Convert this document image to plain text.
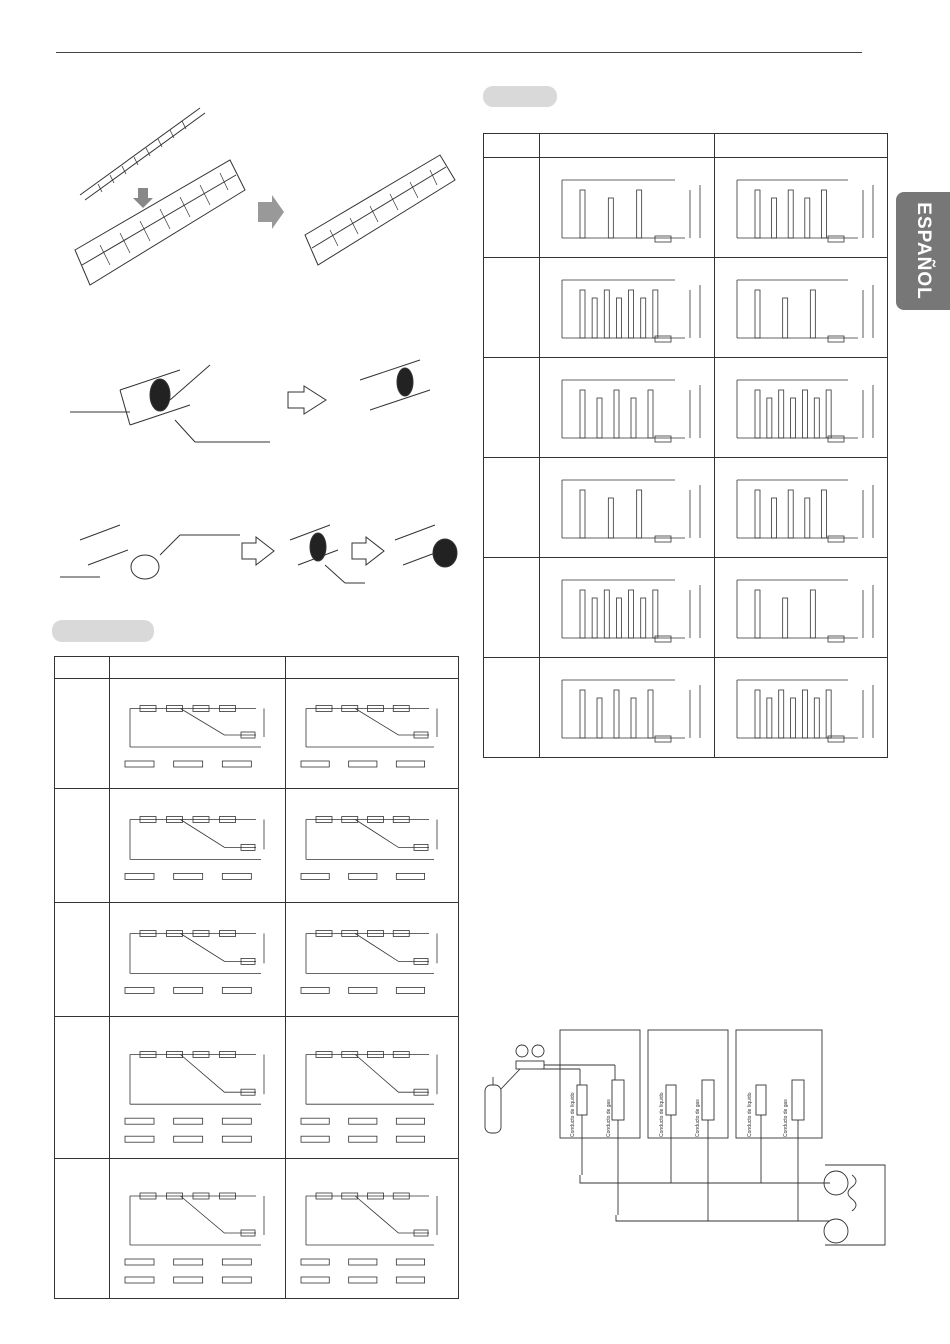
ESPAÑOL

Conducto de líquido	Conducto de gas	Conducto de líquido	Conducto de gas	Conducto de líquido	Conducto de gas
